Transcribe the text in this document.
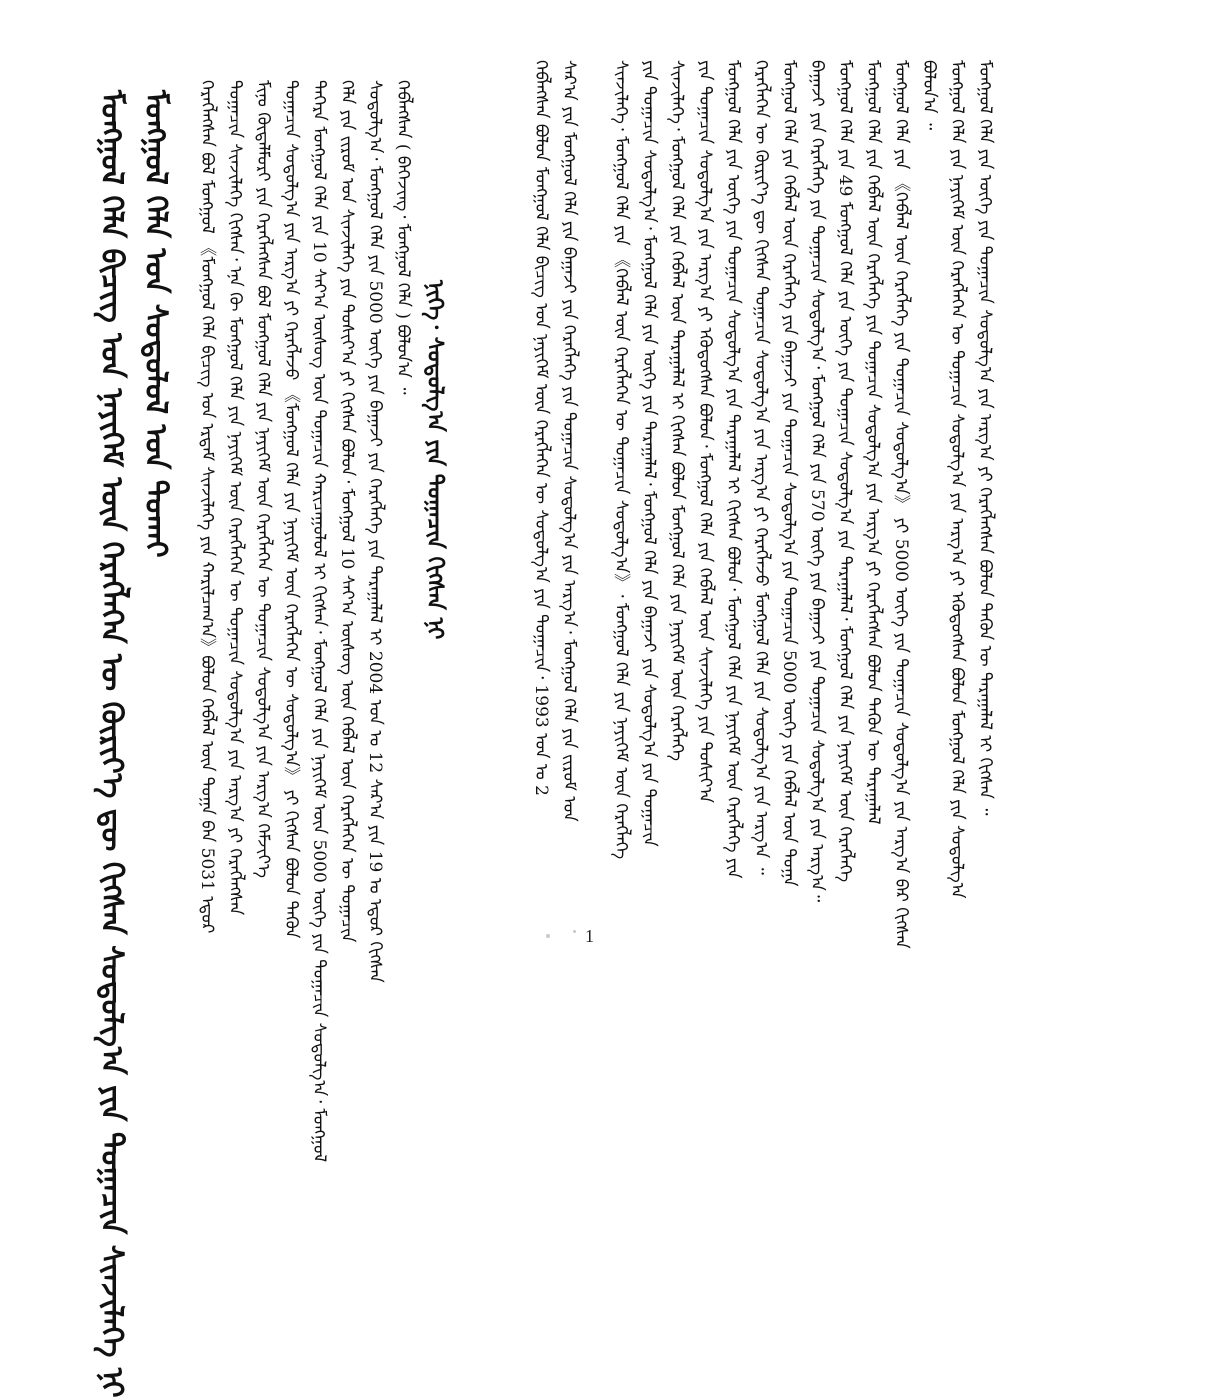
ᠮᠣᠩᠭᠣᠯ ᠬᠡᠯᠡ ᠪᠢᠴᠢᠭ ᠤᠨ ᠨᠡᠶᠢᠭᠡᠮ ᠦᠨ ᠬᠡᠷᠡᠭᠯᠡᠭᠡᠨ ᠦ ᠬᠦᠷᠢᠶ᠎ᠡ ᠳᠦ ᠬᠢᠭᠰᠡᠨ ᠰᠤᠳᠤᠯᠭ᠎ᠠ ᠶᠢᠨ ᠲᠣᠭᠠᠴᠢᠨ ᠰᠢᠨᠵᠢᠯᠡᠭᠡ ᠨᠢ ᠮᠣᠩᠭᠣᠯ ᠬᠡᠯᠡ ᠤᠨ ᠰᠤᠳᠤᠯᠤᠯ ᠤᠨ ᠲᠤᠬᠠᠢ	ᠨᠢᠭᠡ᠂ ᠰᠤᠳᠤᠯᠭ᠎ᠠ ᠶᠢᠨ ᠲᠣᠭᠠᠴᠢᠨ ᠬᠢᠭᠰᠡᠨ ᠨᠢ
ᠬᠡᠷᠡᠭᠯᠡᠭᠰᠡᠨ ᠪᠣᠯ ᠮᠣᠩᠭᠣᠯ 《ᠮᠣᠩᠭᠣᠯ ᠬᠡᠯᠡ ᠪᠢᠴᠢᠭ ᠤᠨ ᠡᠷᠳᠡᠮ ᠰᠢᠨᠵᠢᠯᠡᠭᠡ ᠶᠢᠨ ᠬᠠᠷᠢᠯᠴᠠᠭ᠎ᠠ》ᠪᠣᠯᠤᠨ ᠬᠡᠪᠯᠡᠯ ᠦᠨ ᠲᠣᠭᠠ ᠪᠡᠨ 5031 ᠡᠳᠦᠷ ᠲᠣᠭᠠᠴᠢᠨ ᠰᠢᠨᠵᠢᠯᠡᠭᠡ ᠬᠢᠭᠰᠡᠨ᠂ ᠡᠨᠡ ᠬᠦ ᠮᠣᠩᠭᠣᠯ ᠬᠡᠯᠡ ᠶᠢᠨ ᠨᠡᠶᠢᠭᠡᠮ ᠦᠨ ᠬᠡᠷᠡᠭᠯᠡᠭᠡᠨ ᠦ ᠲᠣᠭᠠᠴᠢᠨ ᠰᠤᠳᠤᠯᠭ᠎ᠠ ᠶᠢᠨ ᠠᠷᠭ᠎ᠠ ᠶᠢ ᠬᠡᠷᠡᠭᠯᠡᠭᠰᠡᠨ ᠮᠢᠨᠤ᠋ ᠬᠦᠳᠡᠯᠮᠦᠷᠢ ᠶᠢᠨ ᠬᠡᠷᠡᠭᠯᠡᠭᠰᠡᠨ ᠪᠣᠯ ᠮᠣᠩᠭᠣᠯ ᠬᠡᠯᠡ ᠶᠢᠨ ᠨᠡᠶᠢᠭᠡᠮ ᠦᠨ ᠬᠡᠷᠡᠭᠯᠡᠭᠡᠨ ᠦ ᠲᠣᠭᠠᠴᠢᠨ ᠰᠤᠳᠤᠯᠭ᠎ᠠ ᠶᠢᠨ ᠠᠷᠭ᠎ᠠ ᠬᠡᠮᠵᠢᠶ᠎ᠡ ᠲᠣᠭᠠᠴᠢᠨ ᠰᠤᠳᠤᠯᠭ᠎ᠠ ᠶᠢᠨ ᠠᠷᠭ᠎ᠠ ᠶᠢ ᠬᠡᠷᠡᠭᠯᠡᠵᠦ 《ᠮᠣᠩᠭᠣᠯ ᠬᠡᠯᠡ ᠶᠢᠨ ᠨᠡᠶᠢᠭᠡᠮ ᠦᠨ ᠬᠡᠷᠡᠭᠯᠡᠭᠡᠨ ᠦ ᠰᠤᠳᠤᠯᠭ᠎ᠠ》 ᠶᠢ ᠬᠢᠭᠰᠡᠨ ᠪᠣᠯᠤᠨ ᠲᠡᠭᠦᠨ ᠳᠡᠭᠡᠷᠡ ᠮᠣᠩᠭᠣᠯ ᠬᠡᠯᠡ ᠶᠢᠨ 10 ᠰᠠᠶ᠎ᠠ ᠦᠰᠦᠭ ᠦᠨ ᠲᠣᠭᠠᠴᠢᠨ ᠬᠠᠷᠢᠴᠠᠭᠤᠯᠤᠯ ᠢ ᠬᠢᠭᠰᠡᠨ᠂ ᠮᠣᠩᠭᠣᠯ ᠬᠡᠯᠡ ᠶᠢᠨ ᠨᠡᠶᠢᠭᠡᠮ ᠦᠨ 5000 ᠦᠭᠡ ᠶᠢᠨ ᠲᠣᠭᠠᠴᠢᠨ ᠰᠤᠳᠤᠯᠭ᠎ᠠ᠂ ᠮᠣᠩᠭᠣᠯ ᠬᠡᠯᠡ ᠶᠢᠨ ᠵᠢᠷᠤᠮ ᠤᠨ ᠰᠢᠨᠵᠢᠯᠡᠭᠡ ᠶᠢᠨ ᠳᠣᠰᠢᠶ᠎ᠠ ᠶᠢ ᠬᠢᠭᠰᠡᠨ ᠪᠣᠯᠤᠨ᠂ ᠮᠣᠩᠭᠣᠯ 10 ᠰᠠᠶ᠎ᠠ ᠦᠰᠦᠭ ᠦᠨ ᠬᠡᠪᠯᠡᠯ ᠦᠨ ᠬᠡᠷᠡᠭᠯᠡᠭᠡᠨ ᠦ ᠲᠣᠭᠠᠴᠢᠨ ᠰᠤᠳᠤᠯᠭ᠎ᠠ᠂ ᠮᠣᠩᠭᠣᠯ ᠬᠡᠯᠡ ᠶᠢᠨ 5000 ᠦᠭᠡ ᠶᠢᠨ ᠪᠠᠭᠠᠵᠢ ᠶᠢᠨ ᠬᠡᠷᠡᠭᠯᠡᠭᠡ ᠶᠢᠨ ᠳᠠᠷᠠᠭᠠᠯᠠᠯ ᠢ 2004 ᠣᠨ ᠤ 12 ᠰᠠᠷ᠎ᠠ ᠶᠢᠨ 19 ᠤ ᠡᠳᠦᠷ ᠬᠢᠭᠰᠡᠨ ᠬᠡᠪᠯᠡᠭᠰᠡᠨ ( ᠪᠡᠭᠡᠵᠢᠩ᠂ ᠮᠣᠩᠭᠣᠯ ᠬᠡᠯᠡ ) ᠪᠣᠯᠤᠨ᠎ᠠ ᠃	ᠬᠡᠪᠯᠡᠭᠰᠡᠨ ᠪᠣᠯᠤᠨ ᠮᠣᠩᠭᠣᠯ ᠬᠡᠯᠡ ᠪᠢᠴᠢᠭ ᠤᠨ ᠨᠡᠶᠢᠭᠡᠮ ᠦᠨ ᠬᠡᠷᠡᠭᠯᠡᠭᠡᠨ ᠦ ᠰᠤᠳᠤᠯᠭ᠎ᠠ ᠶᠢᠨ ᠲᠣᠭᠠᠴᠢᠨ᠂ 1993 ᠣᠨ ᠤ 2 ᠰᠠᠷ᠎ᠠ ᠶᠢᠨ ᠮᠣᠩᠭᠣᠯ ᠬᠡᠯᠡ ᠶᠢᠨ ᠪᠠᠭᠠᠵᠢ ᠶᠢᠨ ᠬᠡᠷᠡᠭᠯᠡᠭᠡ ᠶᠢᠨ ᠲᠣᠭᠠᠴᠢᠨ ᠰᠤᠳᠤᠯᠭ᠎ᠠ ᠶᠢᠨ ᠠᠷᠭ᠎ᠠ᠂ ᠮᠣᠩᠭᠣᠯ ᠬᠡᠯᠡ ᠶᠢᠨ ᠵᠢᠷᠤᠮ ᠤᠨ ᠰᠢᠨᠵᠢᠯᠡᠭᠡ᠂ ᠮᠣᠩᠭᠣᠯ ᠬᠡᠯᠡ ᠶᠢᠨ 《ᠬᠡᠪᠯᠡᠯ ᠦᠨ ᠬᠡᠷᠡᠭᠯᠡᠭᠡᠨ ᠦ ᠲᠣᠭᠠᠴᠢᠨ ᠰᠤᠳᠤᠯᠭ᠎ᠠ》᠂ ᠮᠣᠩᠭᠣᠯ ᠬᠡᠯᠡ ᠶᠢᠨ ᠨᠡᠶᠢᠭᠡᠮ ᠦᠨ ᠬᠡᠷᠡᠭᠯᠡᠭᠡ ᠶᠢᠨ ᠲᠣᠭᠠᠴᠢᠨ ᠰᠤᠳᠤᠯᠭ᠎ᠠ᠂ ᠮᠣᠩᠭᠣᠯ ᠬᠡᠯᠡ ᠶᠢᠨ ᠦᠭᠡ ᠶᠢᠨ ᠳᠠᠷᠠᠭᠠᠯᠠᠯ᠂ ᠮᠣᠩᠭᠣᠯ ᠬᠡᠯᠡ ᠶᠢᠨ ᠪᠠᠭᠠᠵᠢ ᠶᠢᠨ ᠰᠤᠳᠤᠯᠭ᠎ᠠ ᠶᠢᠨ ᠲᠣᠭᠠᠴᠢᠨ ᠰᠢᠨᠵᠢᠯᠡᠭᠡ᠂ ᠮᠣᠩᠭᠣᠯ ᠬᠡᠯᠡ ᠶᠢᠨ ᠬᠡᠪᠯᠡᠯ ᠦᠨ ᠳᠠᠷᠠᠭᠠᠯᠠᠯ ᠢ ᠬᠢᠭᠰᠡᠨ ᠪᠣᠯᠤᠨ ᠮᠣᠩᠭᠣᠯ ᠬᠡᠯᠡ ᠶᠢᠨ ᠨᠡᠶᠢᠭᠡᠮ ᠦᠨ ᠬᠡᠷᠡᠭᠯᠡᠭᠡ ᠶᠢᠨ ᠲᠣᠭᠠᠴᠢᠨ ᠰᠤᠳᠤᠯᠭ᠎ᠠ ᠶᠢᠨ ᠠᠷᠭ᠎ᠠ ᠶᠢ ᠡᠭᠦᠳᠦᠭᠰᠡᠨ ᠪᠣᠯᠤᠨ᠂ ᠮᠣᠩᠭᠣᠯ ᠬᠡᠯᠡ ᠶᠢᠨ ᠬᠡᠪᠯᠡᠯ ᠦᠨ ᠰᠢᠨᠵᠢᠯᠡᠭᠡ ᠶᠢᠨ ᠳᠣᠰᠢᠶ᠎ᠠ ᠮᠣᠩᠭᠣᠯ ᠬᠡᠯᠡ ᠶᠢᠨ ᠦᠭᠡ ᠶᠢᠨ ᠲᠣᠭᠠᠴᠢᠨ ᠰᠤᠳᠤᠯᠭ᠎ᠠ ᠶᠢᠨ ᠳᠠᠷᠠᠭᠠᠯᠠᠯ ᠢ ᠬᠢᠭᠰᠡᠨ ᠪᠣᠯᠤᠨ᠂ ᠮᠣᠩᠭᠣᠯ ᠬᠡᠯᠡ ᠶᠢᠨ ᠨᠡᠶᠢᠭᠡᠮ ᠦᠨ ᠬᠡᠷᠡᠭᠯᠡᠭᠡ ᠶᠢᠨ ᠬᠡᠷᠡᠭᠯᠡᠭᠡᠨ ᠦ ᠬᠦᠷᠢᠶ᠎ᠡ ᠳᠦ ᠬᠢᠭᠰᠡᠨ ᠲᠣᠭᠠᠴᠢᠨ ᠰᠤᠳᠤᠯᠭ᠎ᠠ ᠶᠢᠨ ᠠᠷᠭ᠎ᠠ ᠶᠢ ᠬᠡᠷᠡᠭᠯᠡᠵᠦ ᠮᠣᠩᠭᠣᠯ ᠬᠡᠯᠡ ᠶᠢᠨ ᠰᠤᠳᠤᠯᠭ᠎ᠠ ᠶᠢᠨ ᠠᠷᠭ᠎ᠠ ᠃ ᠮᠣᠩᠭᠣᠯ ᠬᠡᠯᠡ ᠶᠢᠨ ᠬᠡᠪᠯᠡᠯ ᠦᠨ ᠬᠡᠷᠡᠭᠯᠡᠭᠡ ᠶᠢᠨ ᠪᠠᠭᠠᠵᠢ ᠶᠢᠨ ᠲᠣᠭᠠᠴᠢᠨ ᠰᠤᠳᠤᠯᠭ᠎ᠠ ᠶᠢᠨ ᠲᠣᠭᠠᠴᠢᠨ 5000 ᠦᠭᠡ ᠶᠢᠨ ᠬᠡᠪᠯᠡᠯ ᠦᠨ ᠲᠣᠭᠠ ᠪᠠᠭᠠᠵᠢ ᠶᠢᠨ ᠬᠡᠷᠡᠭᠯᠡᠭᠡ ᠶᠢᠨ ᠲᠣᠭᠠᠴᠢᠨ ᠰᠤᠳᠤᠯᠭ᠎ᠠ᠂ ᠮᠣᠩᠭᠣᠯ ᠬᠡᠯᠡ ᠶᠢᠨ 570 ᠦᠭᠡ ᠶᠢᠨ ᠪᠠᠭᠠᠵᠢ ᠶᠢᠨ ᠲᠣᠭᠠᠴᠢᠨ ᠰᠤᠳᠤᠯᠭ᠎ᠠ ᠶᠢᠨ ᠠᠷᠭ᠎ᠠ᠃ ᠮᠣᠩᠭᠣᠯ ᠬᠡᠯᠡ ᠶᠢᠨ 49 ᠮᠣᠩᠭᠣᠯ ᠬᠡᠯᠡ ᠶᠢᠨ ᠦᠭᠡ ᠶᠢᠨ ᠲᠣᠭᠠᠴᠢᠨ ᠰᠤᠳᠤᠯᠭ᠎ᠠ ᠶᠢᠨ ᠳᠠᠷᠠᠭᠠᠯᠠᠯ᠂ ᠮᠣᠩᠭᠣᠯ ᠬᠡᠯᠡ ᠶᠢᠨ ᠨᠡᠶᠢᠭᠡᠮ ᠦᠨ ᠬᠡᠷᠡᠭᠯᠡᠭᠡ ᠮᠣᠩᠭᠣᠯ ᠬᠡᠯᠡ ᠶᠢᠨ ᠬᠡᠪᠯᠡᠯ ᠦᠨ ᠬᠡᠷᠡᠭᠯᠡᠭᠡ ᠶᠢᠨ ᠲᠣᠭᠠᠴᠢᠨ ᠰᠤᠳᠤᠯᠭ᠎ᠠ ᠶᠢᠨ ᠠᠷᠭ᠎ᠠ ᠶᠢ ᠬᠡᠷᠡᠭᠯᠡᠭᠰᠡᠨ ᠪᠣᠯᠤᠨ ᠲᠡᠭᠦᠨ ᠦ ᠳᠠᠷᠠᠭᠠᠯᠠᠯ ᠮᠣᠩᠭᠣᠯ ᠬᠡᠯᠡ ᠶᠢᠨ 《ᠬᠡᠪᠯᠡᠯ ᠦᠨ ᠬᠡᠷᠡᠭᠯᠡᠭᠡ ᠶᠢᠨ ᠲᠣᠭᠠᠴᠢᠨ ᠰᠤᠳᠤᠯᠭ᠎ᠠ》 ᠶᠢ 5000 ᠦᠭᠡ ᠶᠢᠨ ᠲᠣᠭᠠᠴᠢᠨ ᠰᠤᠳᠤᠯᠭ᠎ᠠ ᠶᠢᠨ ᠠᠷᠭ᠎ᠠ ᠪᠡᠷ ᠬᠢᠭᠰᠡᠨ ᠪᠣᠯᠤᠨ᠎ᠠ ᠃ ᠮᠣᠩᠭᠣᠯ ᠬᠡᠯᠡ ᠶᠢᠨ ᠨᠡᠶᠢᠭᠡᠮ ᠦᠨ ᠬᠡᠷᠡᠭᠯᠡᠭᠡᠨ ᠦ ᠲᠣᠭᠠᠴᠢᠨ ᠰᠤᠳᠤᠯᠭ᠎ᠠ ᠶᠢᠨ ᠠᠷᠭ᠎ᠠ ᠶᠢ ᠡᠭᠦᠳᠦᠭᠰᠡᠨ ᠪᠣᠯᠤᠨ ᠮᠣᠩᠭᠣᠯ ᠬᠡᠯᠡ ᠶᠢᠨ ᠰᠤᠳᠤᠯᠭ᠎ᠠ ᠮᠣᠩᠭᠣᠯ ᠬᠡᠯᠡ ᠶᠢᠨ ᠦᠭᠡ ᠶᠢᠨ ᠲᠣᠭᠠᠴᠢᠨ ᠰᠤᠳᠤᠯᠭ᠎ᠠ ᠶᠢᠨ ᠠᠷᠭ᠎ᠠ ᠶᠢ ᠬᠡᠷᠡᠭᠯᠡᠭᠰᠡᠨ ᠪᠣᠯᠤᠨ ᠲᠡᠭᠦᠨ ᠦ ᠳᠠᠷᠠᠭᠠᠯᠠᠯ ᠢ ᠬᠢᠭᠰᠡᠨ ᠃
1
